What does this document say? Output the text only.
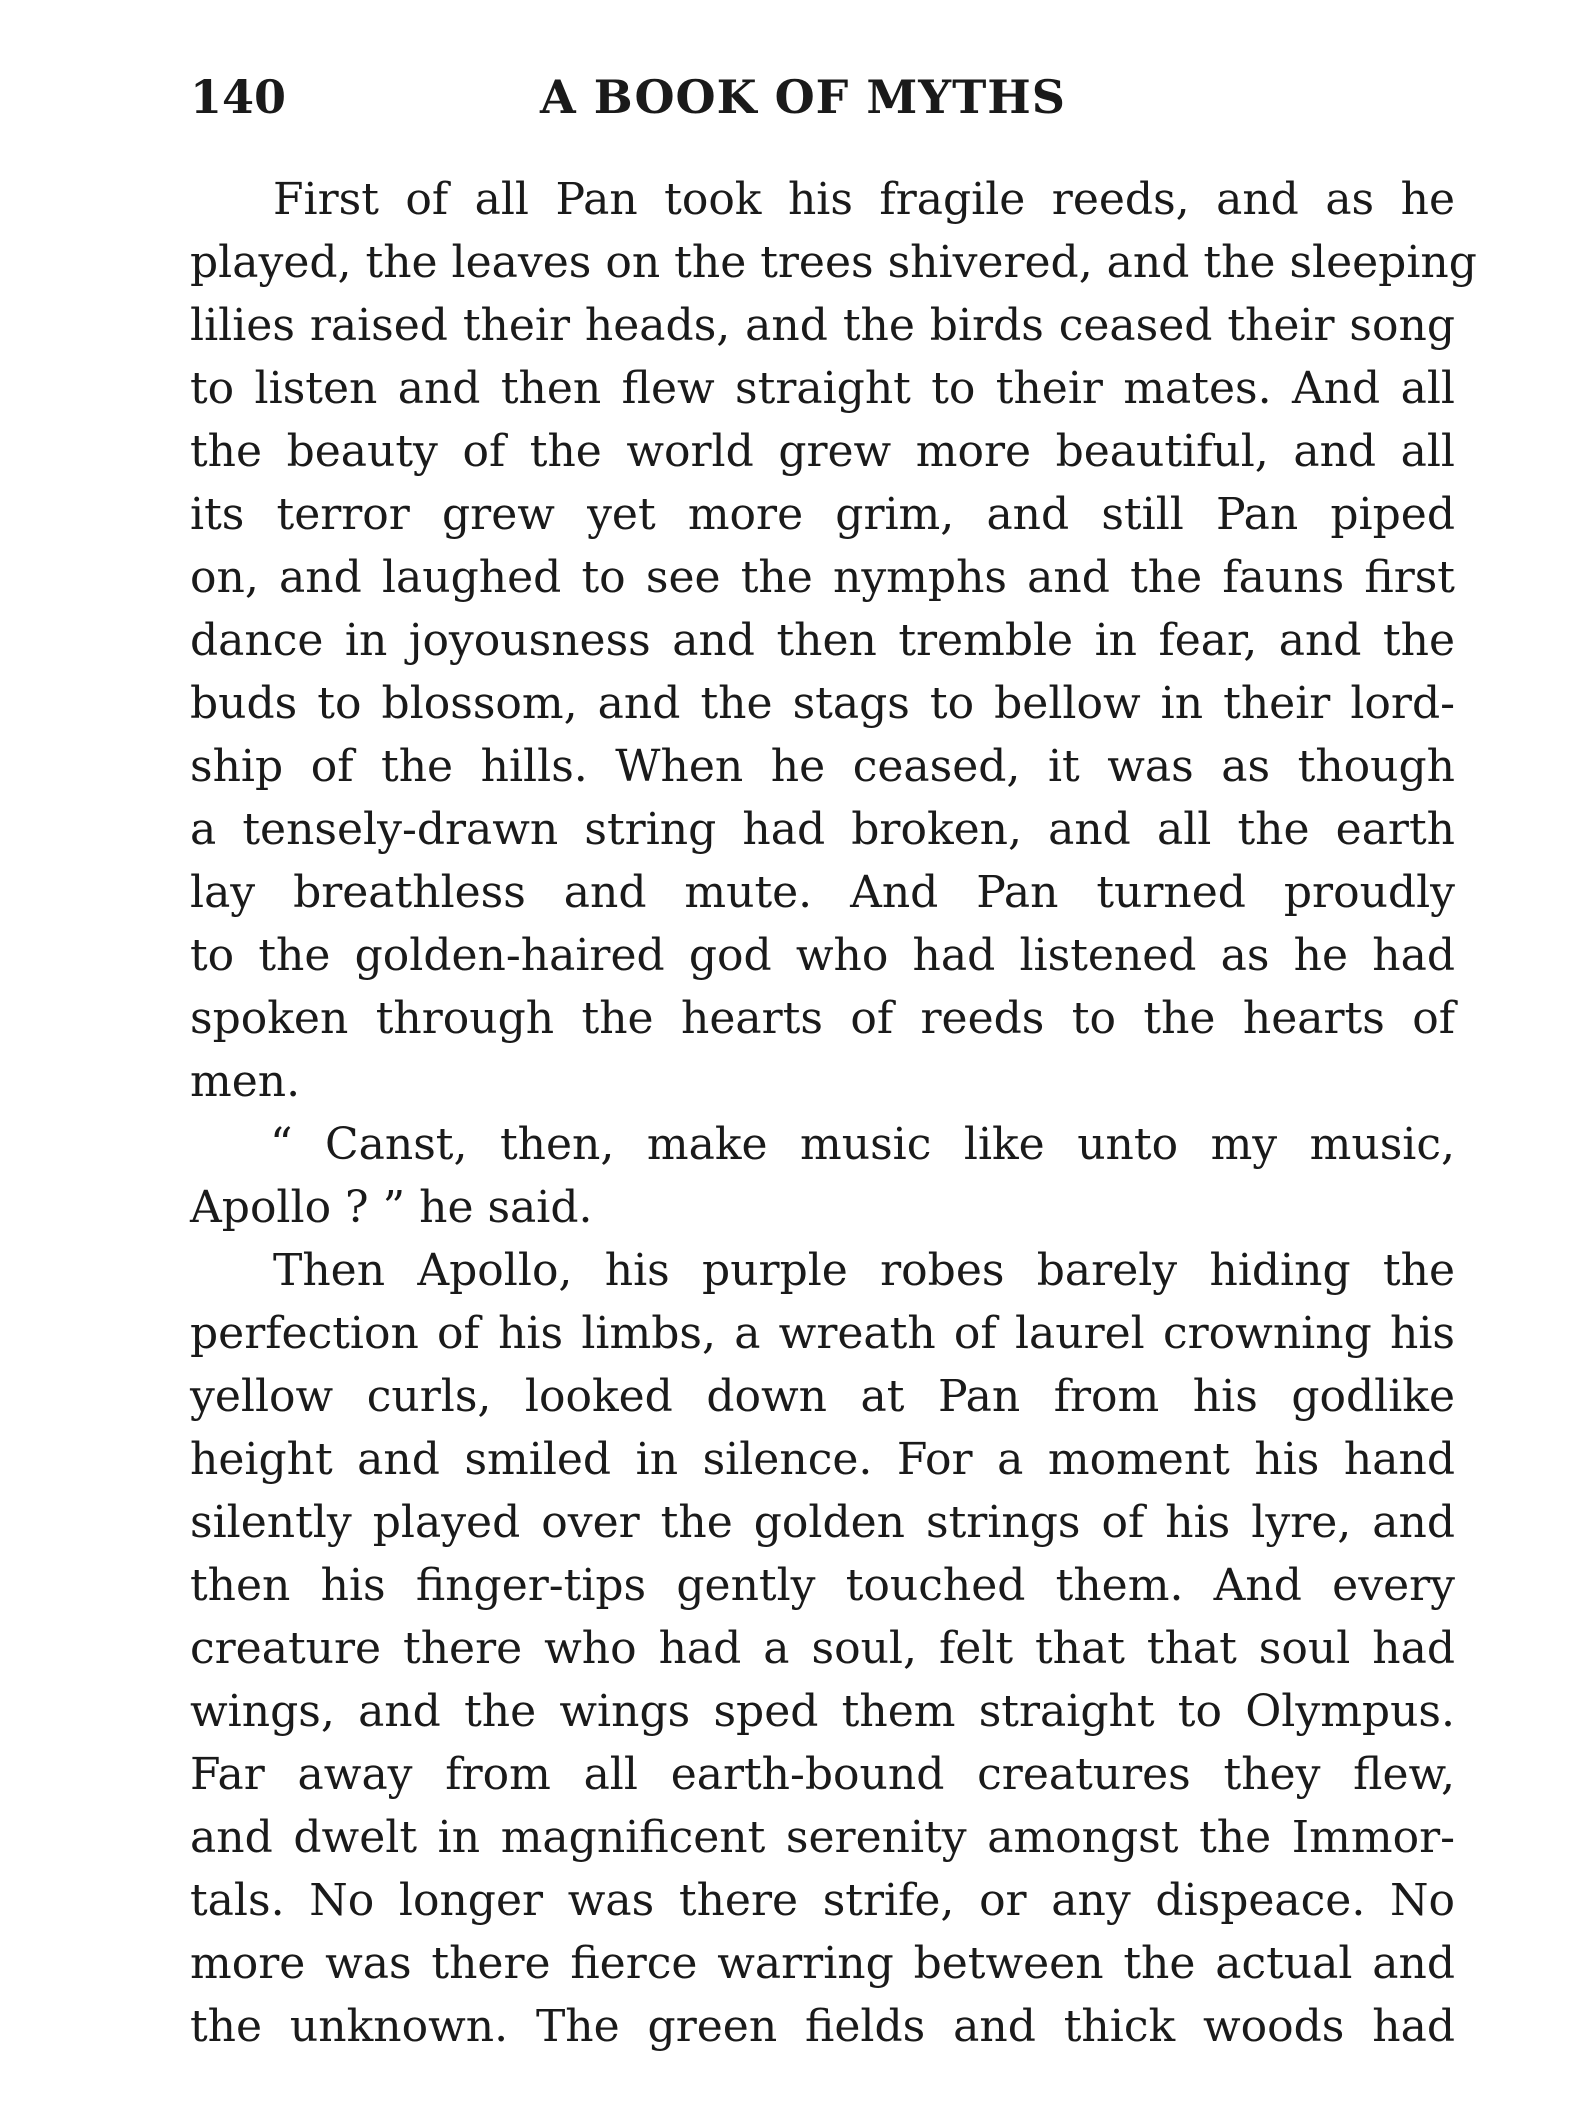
140	A BOOK OF MYTHS

First of all Pan took his fragile reeds, and as he
played, the leaves on the trees shivered, and the sleeping
lilies raised their heads, and the birds ceased their song
to listen and then flew straight to their mates. And all
the beauty of the world grew more beautiful, and all
its terror grew yet more grim, and still Pan piped
on, and laughed to see the nymphs and the fauns first
dance in joyousness and then tremble in fear, and the
buds to blossom, and the stags to bellow in their lord-
ship of the hills. When he ceased, it was as though
a tensely-drawn string had broken, and all the earth
lay breathless and mute. And Pan turned proudly
to the golden-haired god who had listened as he had
spoken through the hearts of reeds to the hearts of
men.

“ Canst, then, make music like unto my music,
Apollo ? ” he said.

Then Apollo, his purple robes barely hiding the
perfection of his limbs, a wreath of laurel crowning his
yellow curls, looked down at Pan from his godlike
height and smiled in silence. For a moment his hand
silently played over the golden strings of his lyre, and
then his finger-tips gently touched them. And every
creature there who had a soul, felt that that soul had
wings, and the wings sped them straight to Olympus.
Far away from all earth-bound creatures they flew,
and dwelt in magnificent serenity amongst the Immor-
tals. No longer was there strife, or any dispeace. No
more was there fierce warring between the actual and
the unknown. The green fields and thick woods had
